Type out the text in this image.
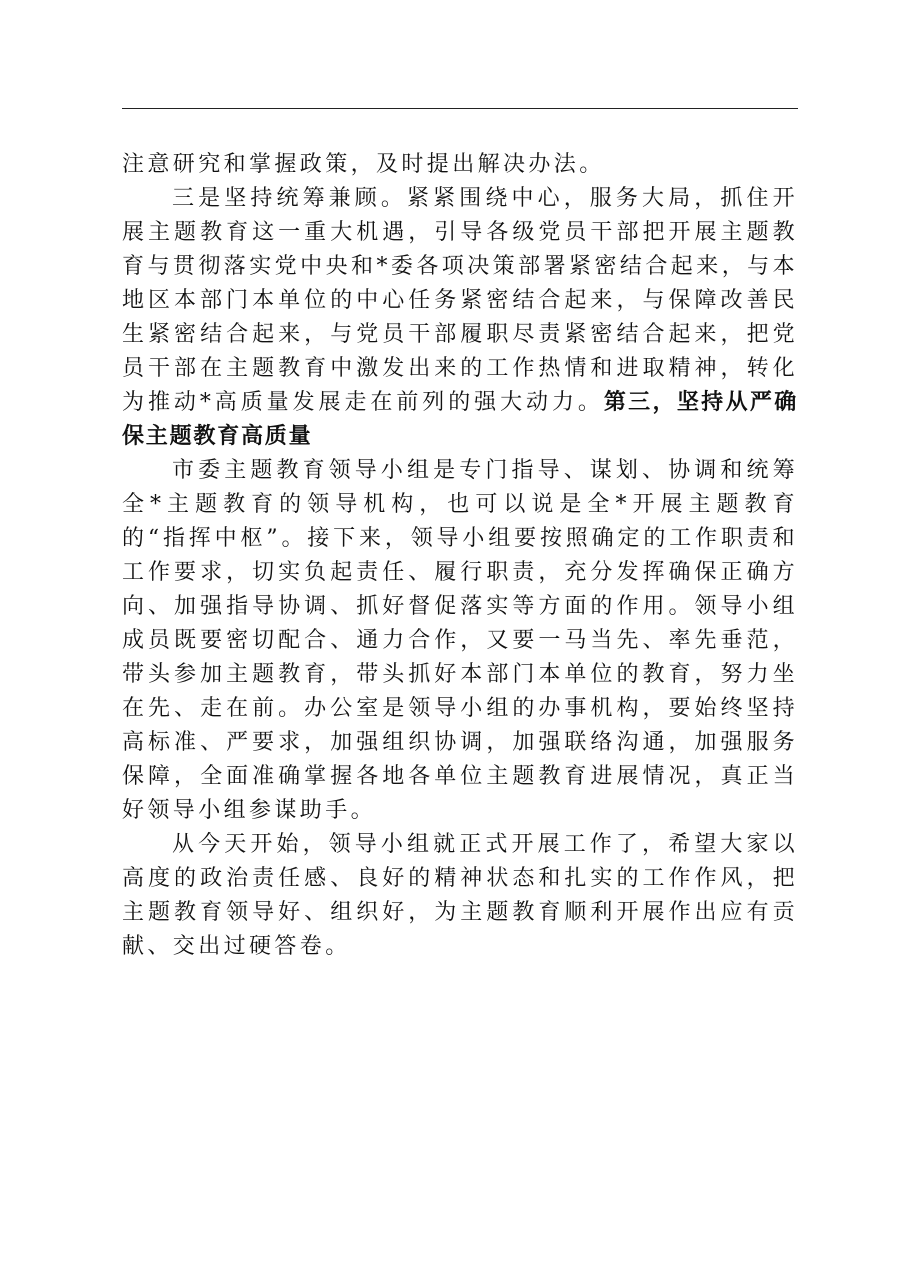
注意研究和掌握政策，及时提出解决办法。

三是坚持统筹兼顾。紧紧围绕中心，服务大局，抓住开展主题教育这一重大机遇，引导各级党员干部把开展主题教育与贯彻落实党中央和*委各项决策部署紧密结合起来，与本地区本部门本单位的中心任务紧密结合起来，与保障改善民生紧密结合起来，与党员干部履职尽责紧密结合起来，把党员干部在主题教育中激发出来的工作热情和进取精神，转化为推动*高质量发展走在前列的强大动力。第三，坚持从严确保主题教育高质量

市委主题教育领导小组是专门指导、谋划、协调和统筹全*主题教育的领导机构，也可以说是全*开展主题教育的“指挥中枢”。接下来，领导小组要按照确定的工作职责和工作要求，切实负起责任、履行职责，充分发挥确保正确方向、加强指导协调、抓好督促落实等方面的作用。领导小组成员既要密切配合、通力合作，又要一马当先、率先垂范，带头参加主题教育，带头抓好本部门本单位的教育，努力坐在先、走在前。办公室是领导小组的办事机构，要始终坚持高标准、严要求，加强组织协调，加强联络沟通，加强服务保障，全面准确掌握各地各单位主题教育进展情况，真正当好领导小组参谋助手。

从今天开始，领导小组就正式开展工作了，希望大家以高度的政治责任感、良好的精神状态和扎实的工作作风，把主题教育领导好、组织好，为主题教育顺利开展作出应有贡献、交出过硬答卷。
